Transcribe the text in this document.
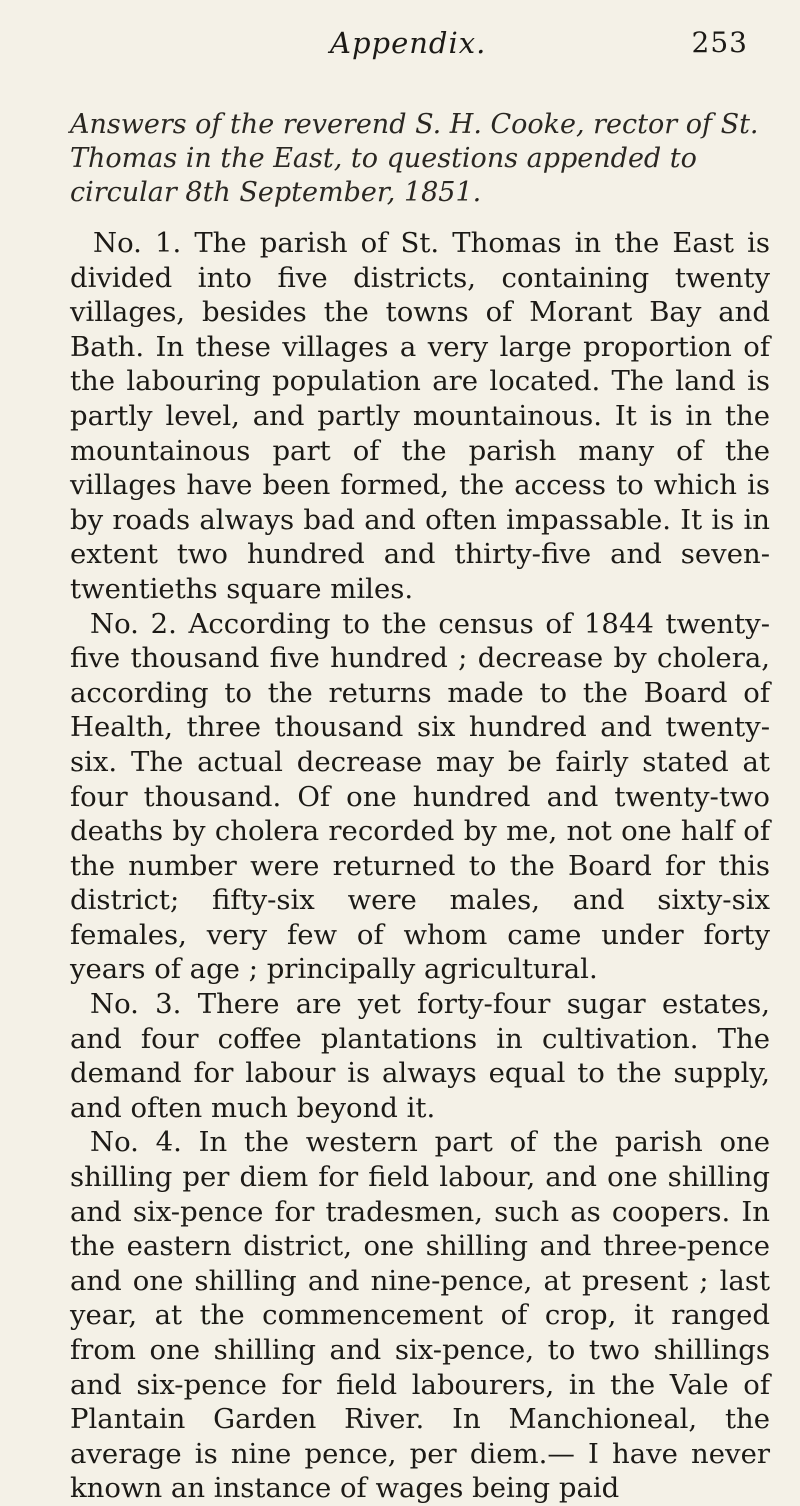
Appendix.	253
Answers of the reverend S. H. Cooke, rector of St. Thomas in the East, to questions appended to circular 8th September, 1851.

No. 1. The parish of St. Thomas in the East is divided into five districts, containing twenty villages, besides the towns of Morant Bay and Bath. In these villages a very large proportion of the labouring population are located. The land is partly level, and partly mountainous. It is in the mountainous part of the parish many of the villages have been formed, the access to which is by roads always bad and often impassable. It is in extent two hundred and thirty-five and seven-twentieths square miles.

No. 2. According to the census of 1844 twenty-five thousand five hundred ; decrease by cholera, according to the returns made to the Board of Health, three thousand six hundred and twenty-six. The actual decrease may be fairly stated at four thousand. Of one hundred and twenty-two deaths by cholera recorded by me, not one half of the number were returned to the Board for this district; fifty-six were males, and sixty-six females, very few of whom came under forty years of age ; principally agricultural.

No. 3. There are yet forty-four sugar estates, and four coffee plantations in cultivation. The demand for labour is always equal to the supply, and often much beyond it.

No. 4. In the western part of the parish one shilling per diem for field labour, and one shilling and six-pence for tradesmen, such as coopers. In the eastern district, one shilling and three-pence and one shilling and nine-pence, at present ; last year, at the commencement of crop, it ranged from one shilling and six-pence, to two shillings and six-pence for field labourers, in the Vale of Plantain Garden River. In Manchioneal, the average is nine pence, per diem.— I have never known an instance of wages being paid
